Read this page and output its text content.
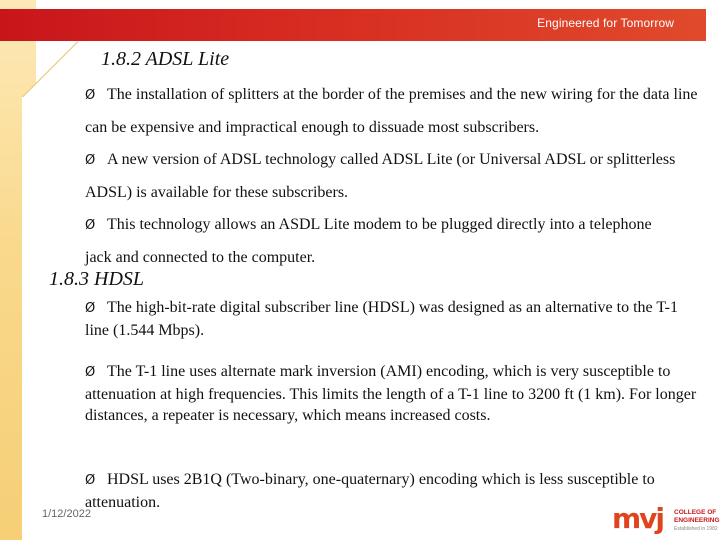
Engineered for Tomorrow
1.8.2 ADSL Lite

Ø The installation of splitters at the border of the premises and the new wiring for the data line can be expensive and impractical enough to dissuade most subscribers.

Ø A new version of ADSL technology called ADSL Lite (or Universal ADSL or splitterless ADSL) is available for these subscribers.

Ø This technology allows an ASDL Lite modem to be plugged directly into a telephone jack and connected to the computer.

1.8.3 HDSL

Ø The high-bit-rate digital subscriber line (HDSL) was designed as an alternative to the T-1 line (1.544 Mbps).

Ø The T-1 line uses alternate mark inversion (AMI) encoding, which is very susceptible to attenuation at high frequencies. This limits the length of a T-1 line to 3200 ft (1 km). For longer distances, a repeater is necessary, which means increased costs.

Ø HDSL uses 2B1Q (Two-binary, one-quaternary) encoding which is less susceptible to attenuation.

1/12/2022	mvj COLLEGE OF
ENGINEERING
Established in 1982
